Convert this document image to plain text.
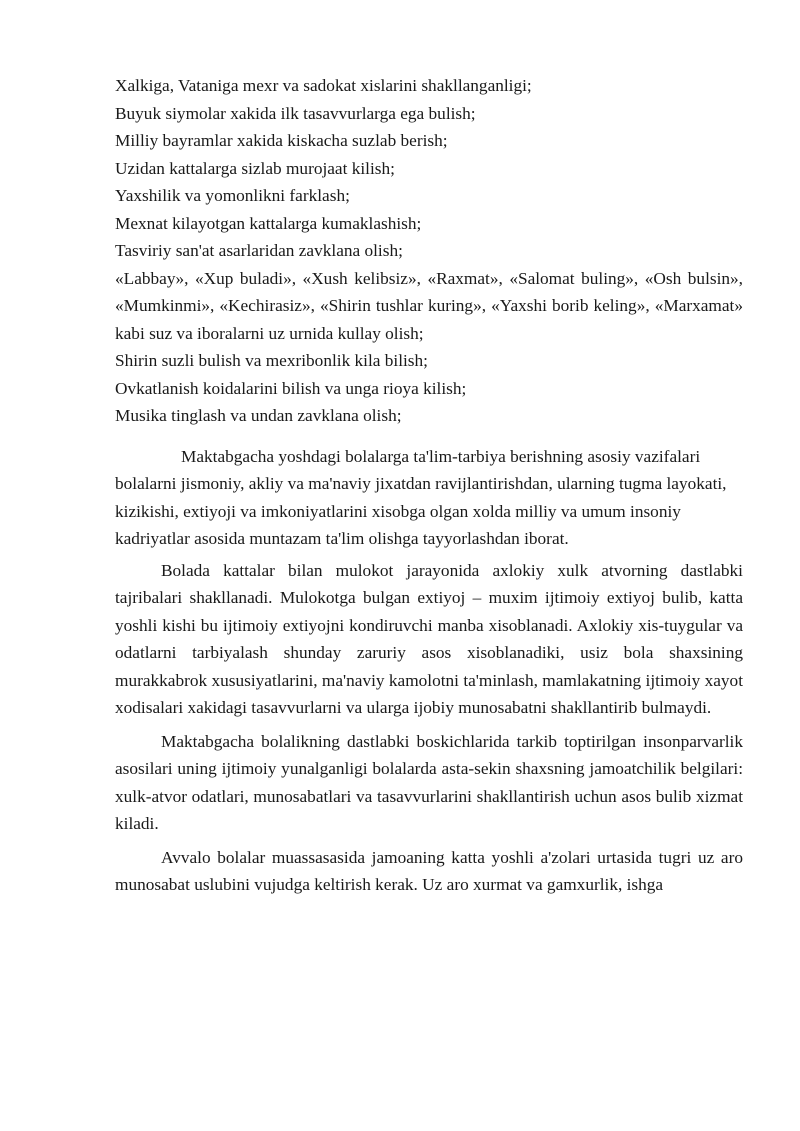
Xalkiga, Vataniga mexr va sadokat xislarini shakllanganligi;
Buyuk siymolar xakida ilk tasavvurlarga ega bulish;
Milliy bayramlar xakida kiskacha suzlab berish;
Uzidan kattalarga sizlab murojaat kilish;
Yaxshilik va yomonlikni farklash;
Mexnat kilayotgan kattalarga kumaklashish;
Tasviriy san'at asarlaridan zavklana olish;

«Labbay», «Xup buladi», «Xush kelibsiz», «Raxmat», «Salomat buling», «Osh bulsin», «Mumkinmi», «Kechirasiz», «Shirin tushlar kuring», «Yaxshi borib keling», «Marxamat» kabi suz va iboralarni uz urnida kullay olish;

Shirin suzli bulish va mexribonlik kila bilish;
Ovkatlanish koidalarini bilish va unga rioya kilish;
Musika tinglash va undan zavklana olish;

Maktabgacha yoshdagi bolalarga ta'lim-tarbiya berishning asosiy vazifalari bolalarni jismoniy, akliy va ma'naviy jixatdan ravijlantirishdan, ularning tugma layokati, kizikishi, extiyoji va imkoniyatlarini xisobga olgan xolda milliy va umum insoniy kadriyatlar asosida muntazam ta'lim olishga tayyorlashdan iborat.

Bolada kattalar bilan mulokot jarayonida axlokiy xulk atvorning dastlabki tajribalari shakllanadi. Mulokotga bulgan extiyoj – muxim ijtimoiy extiyoj bulib, katta yoshli kishi bu ijtimoiy extiyojni kondiruvchi manba xisoblanadi. Axlokiy xis-tuygular va odatlarni tarbiyalash shunday zaruriy asos xisoblanadiki, usiz bola shaxsining murakkabrok xususiyatlarini, ma'naviy kamolotni ta'minlash, mamlakatning ijtimoiy xayot xodisalari xakidagi tasavvurlarni va ularga ijobiy munosabatni shakllantirib bulmaydi.

Maktabgacha bolalikning dastlabki boskichlarida tarkib toptirilgan insonparvarlik asosilari uning ijtimoiy yunalganligi bolalarda asta-sekin shaxsning jamoatchilik belgilari: xulk-atvor odatlari, munosabatlari va tasavvurlarini shakllantirish uchun asos bulib xizmat kiladi.

Avvalo bolalar muassasasida jamoaning katta yoshli a'zolari urtasida tugri uz aro munosabat uslubini vujudga keltirish kerak. Uz aro xurmat va gamxurlik, ishga
